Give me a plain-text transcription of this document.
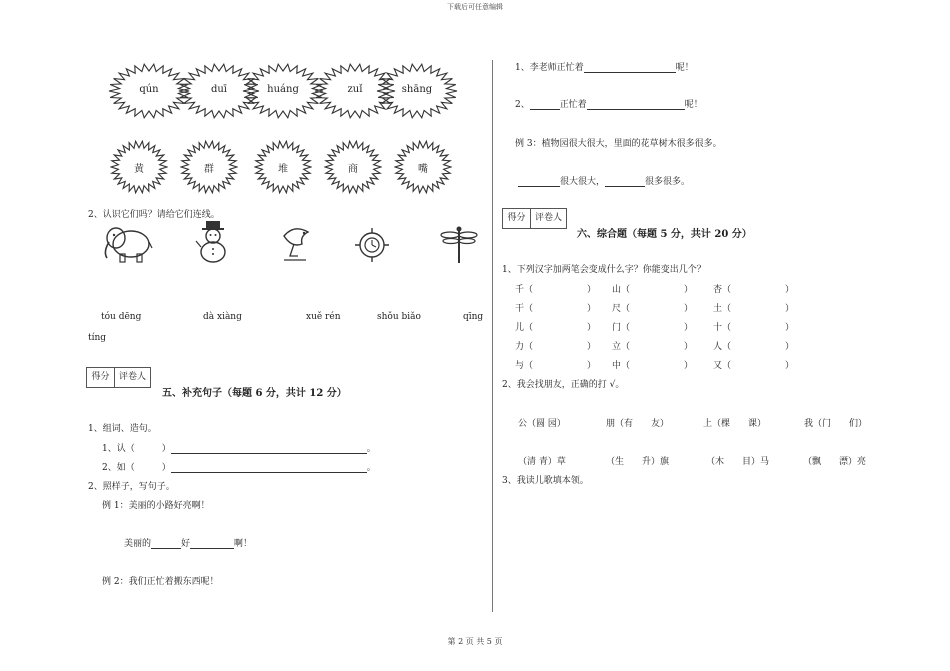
下载后可任意编辑
qún	duī	huáng	zuǐ	shāng
黄	群	堆	商	嘴
2、认识它们吗？请给它们连线。
tóu dēng	dà xiàng	xuě rén	shǒu biǎo	qīng
tíng
得分	评卷人
五、补充句子（每题 6 分，共计 12 分）
1、组词、造句。
1、认（　　　）	。
2、如（　　　）	。
2、照样子，写句子。
例 1：美丽的小路好亮啊！
美丽的	好	啊！
例 2：我们正忙着搬东西呢！
1、李老师正忙着	呢！
2、	正忙着	呢！
例 3：植物园很大很大，里面的花草树木很多很多。
很大很大，	很多很多。
得分	评卷人
六、综合题（每题 5 分，共计 20 分）
1、下列汉字加两笔会变成什么字？你能变出几个？
千（　　　　　　） 山（　　　　　　） 杏（　　　　　　）
干（　　　　　　） 尺（　　　　　　） 土（　　　　　　）
儿（　　　　　　） 门（　　　　　　） 十（　　　　　　）
力（　　　　　　） 立（　　　　　　） 人（　　　　　　）
与（　　　　　　） 中（　　　　　　） 又（　　　　　　）
2、我会找朋友，正确的打 √。
公（圆 园）	朋（有　　友）	上（棵　　课）	我（门　　们）
（清 青）草	（生　　升）旗	（木　　目）马	（飘　　漂）亮
3、我读儿歌填本领。
第 2 页 共 5 页
